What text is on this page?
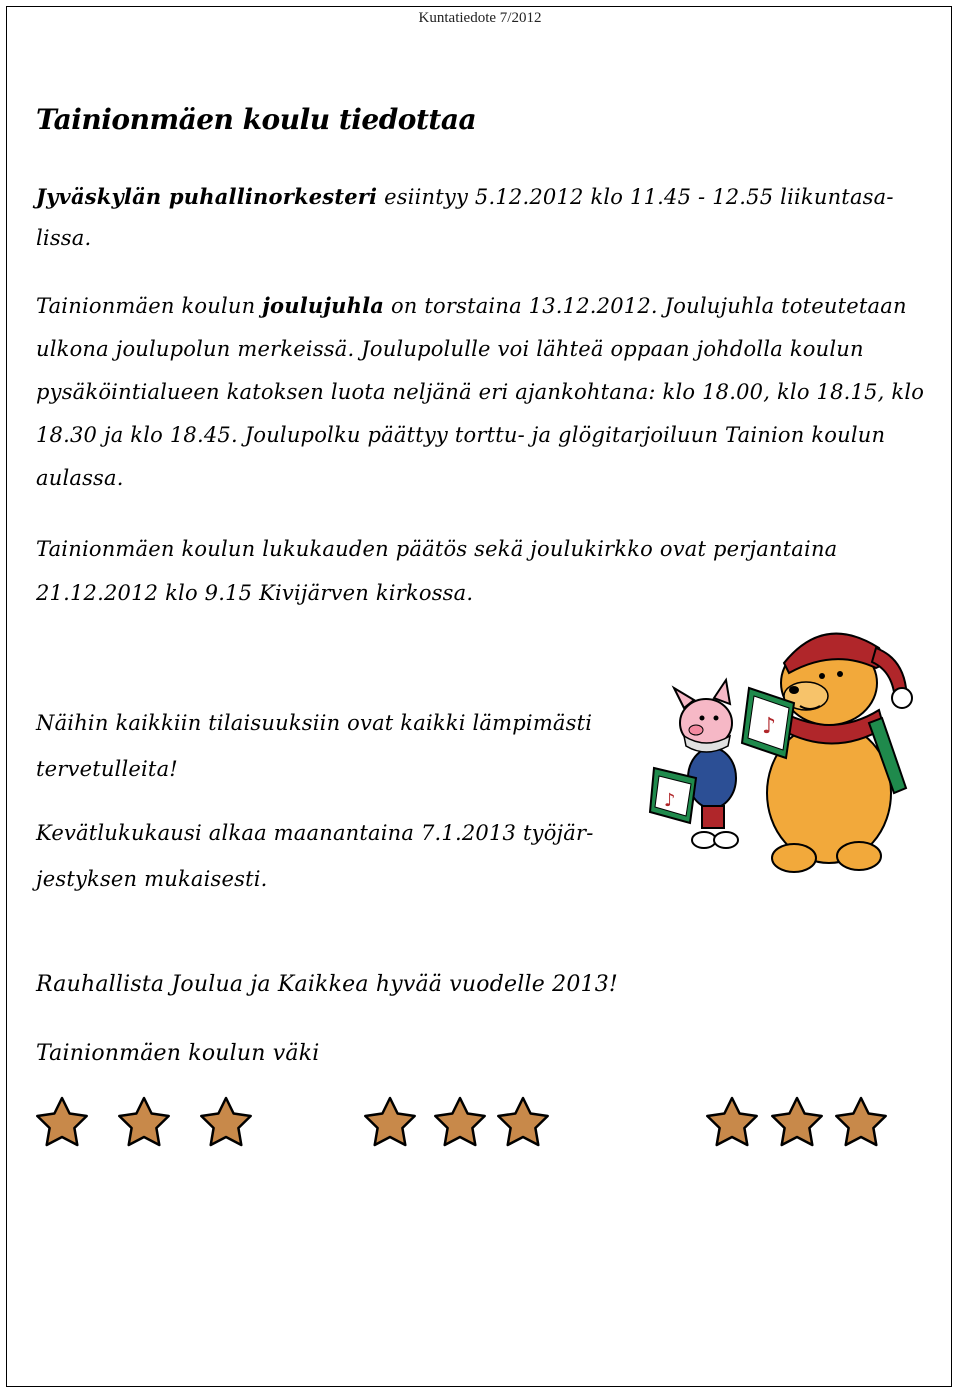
Kuntatiedote 7/2012
Tainionmäen koulu tiedottaa
Jyväskylän puhallinorkesteri esiintyy 5.12.2012 klo 11.45 - 12.55 liikuntasa-lissa.
Tainionmäen koulun joulujuhla on torstaina 13.12.2012. Joulujuhla toteutetaan ulkona joulupolun merkeissä. Joulupolulle voi lähteä oppaan johdolla koulun pysäköintialueen katoksen luota neljänä eri ajankohtana: klo 18.00, klo 18.15, klo 18.30 ja klo 18.45. Joulupolku päättyy torttu- ja glögitarjoiluun Tainion koulun aulassa.
Tainionmäen koulun lukukauden päätös sekä joulukirkko ovat perjantaina 21.12.2012 klo 9.15 Kivijärven kirkossa.
Näihin kaikkiin tilaisuuksiin ovat kaikki lämpimästi tervetulleita!
Kevätlukukausi alkaa maanantaina 7.1.2013 työjär-jestyksen mukaisesti.
Rauhallista Joulua ja Kaikkea hyvää vuodelle 2013!
Tainionmäen koulun väki
♪
♪
